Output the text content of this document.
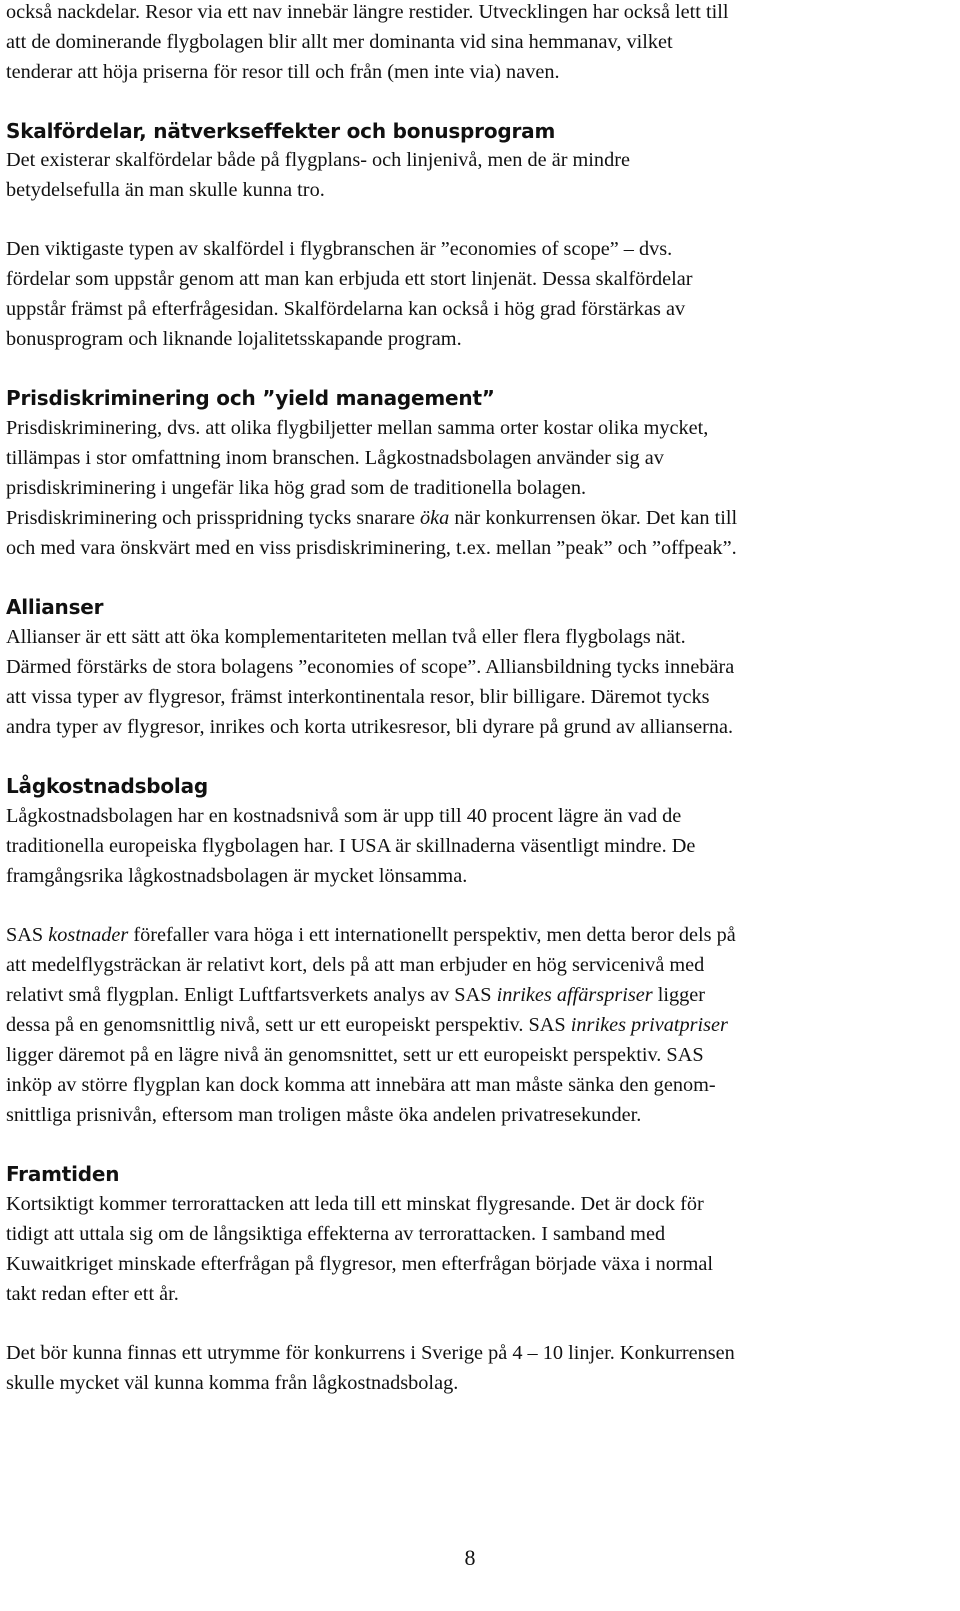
också nackdelar. Resor via ett nav innebär längre restider. Utvecklingen har också lett till
att de dominerande flygbolagen blir allt mer dominanta vid sina hemmanav, vilket
tenderar att höja priserna för resor till och från (men inte via) naven.

Skalfördelar, nätverkseffekter och bonusprogram

Det existerar skalfördelar både på flygplans- och linjenivå, men de är mindre
betydelsefulla än man skulle kunna tro.

Den viktigaste typen av skalfördel i flygbranschen är ”economies of scope” – dvs.
fördelar som uppstår genom att man kan erbjuda ett stort linjenät. Dessa skalfördelar
uppstår främst på efterfrågesidan. Skalfördelarna kan också i hög grad förstärkas av
bonusprogram och liknande lojalitetsskapande program.

Prisdiskriminering och ”yield management”

Prisdiskriminering, dvs. att olika flygbiljetter mellan samma orter kostar olika mycket,
tillämpas i stor omfattning inom branschen. Lågkostnadsbolagen använder sig av
prisdiskriminering i ungefär lika hög grad som de traditionella bolagen.
Prisdiskriminering och prisspridning tycks snarare öka när konkurrensen ökar. Det kan till
och med vara önskvärt med en viss prisdiskriminering, t.ex. mellan ”peak” och ”offpeak”.

Allianser

Allianser är ett sätt att öka komplementariteten mellan två eller flera flygbolags nät.
Därmed förstärks de stora bolagens ”economies of scope”. Alliansbildning tycks innebära
att vissa typer av flygresor, främst interkontinentala resor, blir billigare. Däremot tycks
andra typer av flygresor, inrikes och korta utrikesresor, bli dyrare på grund av allianserna.

Lågkostnadsbolag

Lågkostnadsbolagen har en kostnadsnivå som är upp till 40 procent lägre än vad de
traditionella europeiska flygbolagen har. I USA är skillnaderna väsentligt mindre. De
framgångsrika lågkostnadsbolagen är mycket lönsamma.

SAS kostnader förefaller vara höga i ett internationellt perspektiv, men detta beror dels på
att medelflygsträckan är relativt kort, dels på att man erbjuder en hög servicenivå med
relativt små flygplan. Enligt Luftfartsverkets analys av SAS inrikes affärspriser ligger
dessa på en genomsnittlig nivå, sett ur ett europeiskt perspektiv. SAS inrikes privatpriser
ligger däremot på en lägre nivå än genomsnittet, sett ur ett europeiskt perspektiv. SAS
inköp av större flygplan kan dock komma att innebära att man måste sänka den genom-
snittliga prisnivån, eftersom man troligen måste öka andelen privatresekunder.

Framtiden

Kortsiktigt kommer terrorattacken att leda till ett minskat flygresande. Det är dock för
tidigt att uttala sig om de långsiktiga effekterna av terrorattacken. I samband med
Kuwaitkriget minskade efterfrågan på flygresor, men efterfrågan började växa i normal
takt redan efter ett år.

Det bör kunna finnas ett utrymme för konkurrens i Sverige på 4 – 10 linjer. Konkurrensen
skulle mycket väl kunna komma från lågkostnadsbolag.

8
